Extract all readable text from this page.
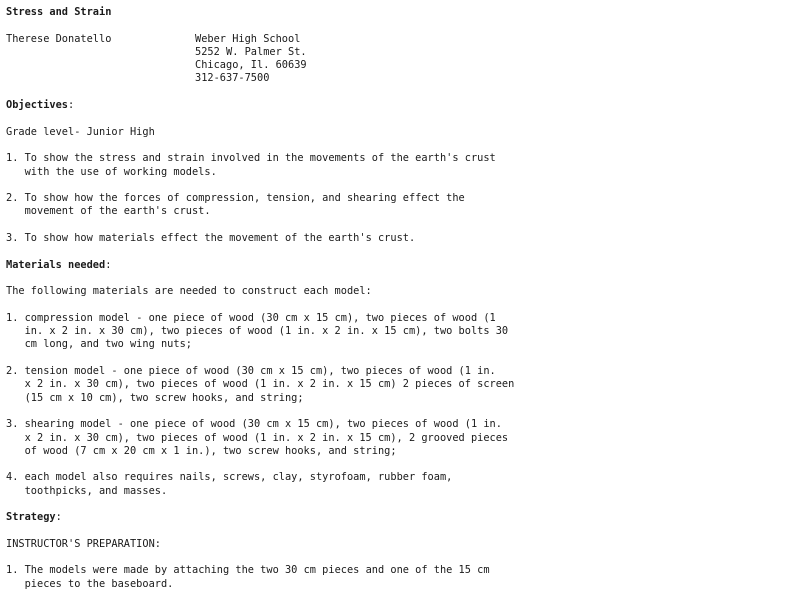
Stress and Strain
Therese Donatello	Weber High School
5252 W. Palmer St.
Chicago, Il. 60639
312-637-7500
Objectives:
Grade level- Junior High
1. To show the stress and strain involved in the movements of the earth's crust
with the use of working models.
2. To show how the forces of compression, tension, and shearing effect the
movement of the earth's crust.
3. To show how materials effect the movement of the earth's crust.
Materials needed:
The following materials are needed to construct each model:
1. compression model - one piece of wood (30 cm x 15 cm), two pieces of wood (1
in. x 2 in. x 30 cm), two pieces of wood (1 in. x 2 in. x 15 cm), two bolts 30
cm long, and two wing nuts;
2. tension model - one piece of wood (30 cm x 15 cm), two pieces of wood (1 in.
x 2 in. x 30 cm), two pieces of wood (1 in. x 2 in. x 15 cm) 2 pieces of screen
(15 cm x 10 cm), two screw hooks, and string;
3. shearing model - one piece of wood (30 cm x 15 cm), two pieces of wood (1 in.
x 2 in. x 30 cm), two pieces of wood (1 in. x 2 in. x 15 cm), 2 grooved pieces
of wood (7 cm x 20 cm x 1 in.), two screw hooks, and string;
4. each model also requires nails, screws, clay, styrofoam, rubber foam,
toothpicks, and masses.
Strategy:
INSTRUCTOR'S PREPARATION:
1. The models were made by attaching the two 30 cm pieces and one of the 15 cm
pieces to the baseboard.
